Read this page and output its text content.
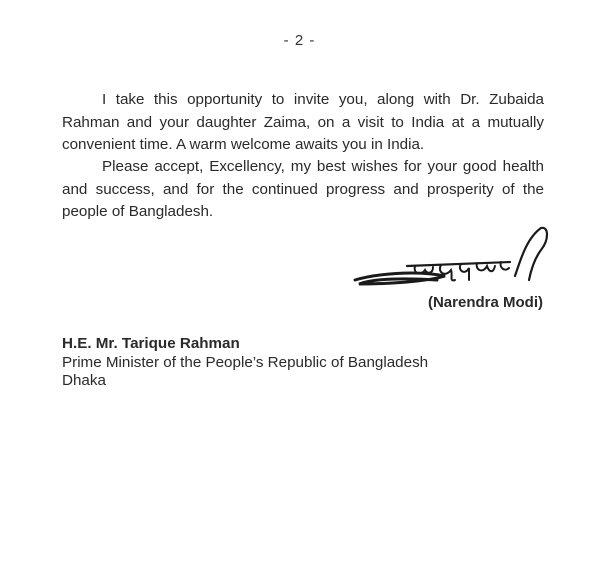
- 2 -

I take this opportunity to invite you, along with Dr. Zubaida Rahman and your daughter Zaima, on a visit to India at a mutually convenient time. A warm welcome awaits you in India.

Please accept, Excellency, my best wishes for your good health and success, and for the continued progress and prosperity of the people of Bangladesh.

(Narendra Modi)
H.E. Mr. Tarique Rahman
Prime Minister of the People’s Republic of Bangladesh
Dhaka
